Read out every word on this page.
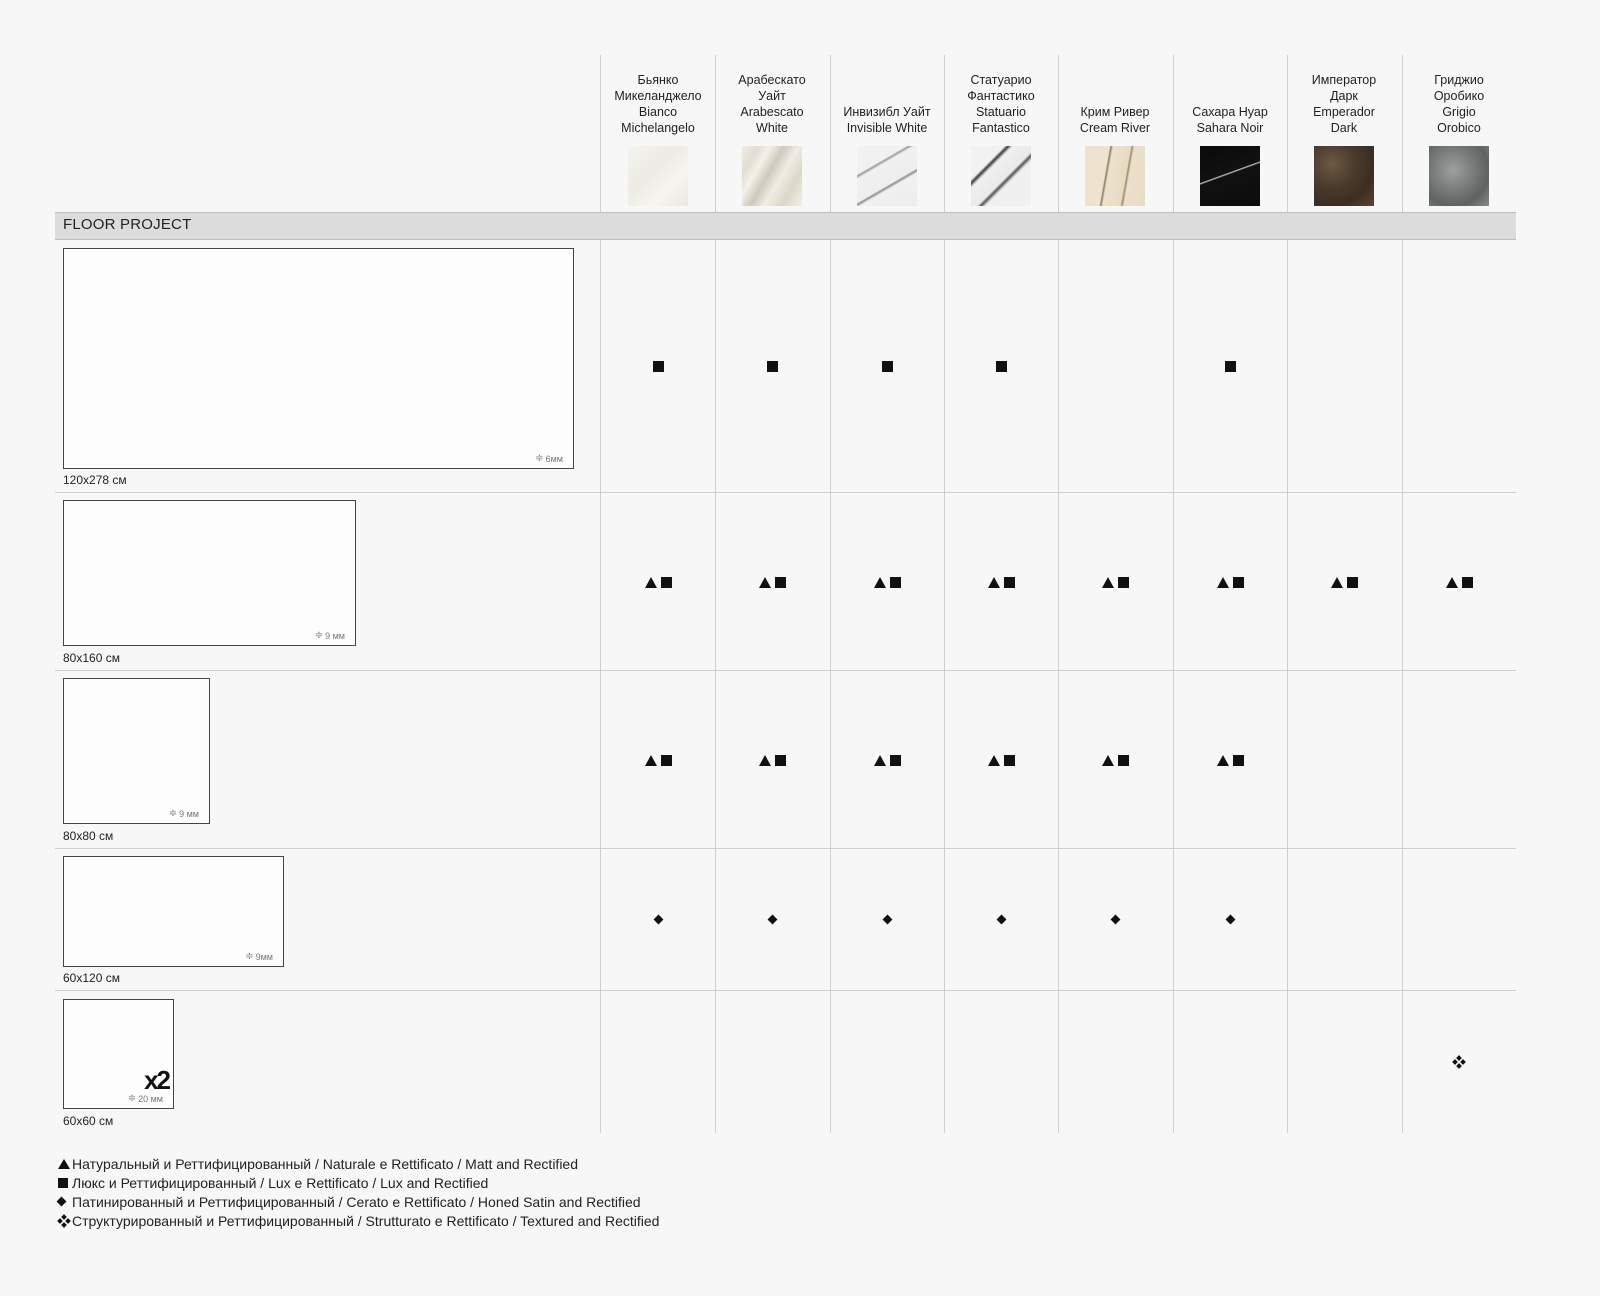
FLOOR PROJECT
Бьянко
Микеланджело
Bianco
Michelangelo
Арабескато
Уайт
Arabescato
White
Инвизибл Уайт
Invisible White
Статуарио
Фантастико
Statuario
Fantastico
Крим Ривер
Cream River
Сахара Нуар
Sahara Noir
Император
Дарк
Emperador
Dark
Гриджио
Оробико
Grigio
Orobico
≑ 6мм
120x278 см
≑ 9 мм
80x160 см
≑ 9 мм
80x80 см
≑ 9мм
60x120 см
x2
≑ 20 мм
60x60 см
Натуральный и Реттифицированный / Naturale e Rettificato / Matt and Rectified
Люкс и Реттифицированный / Lux e Rettificato / Lux and Rectified
Патинированный и Реттифицированный / Cerato e Rettificato / Honed Satin and Rectified
Структурированный и Реттифицированный / Strutturato e Rettificato / Textured and Rectified
